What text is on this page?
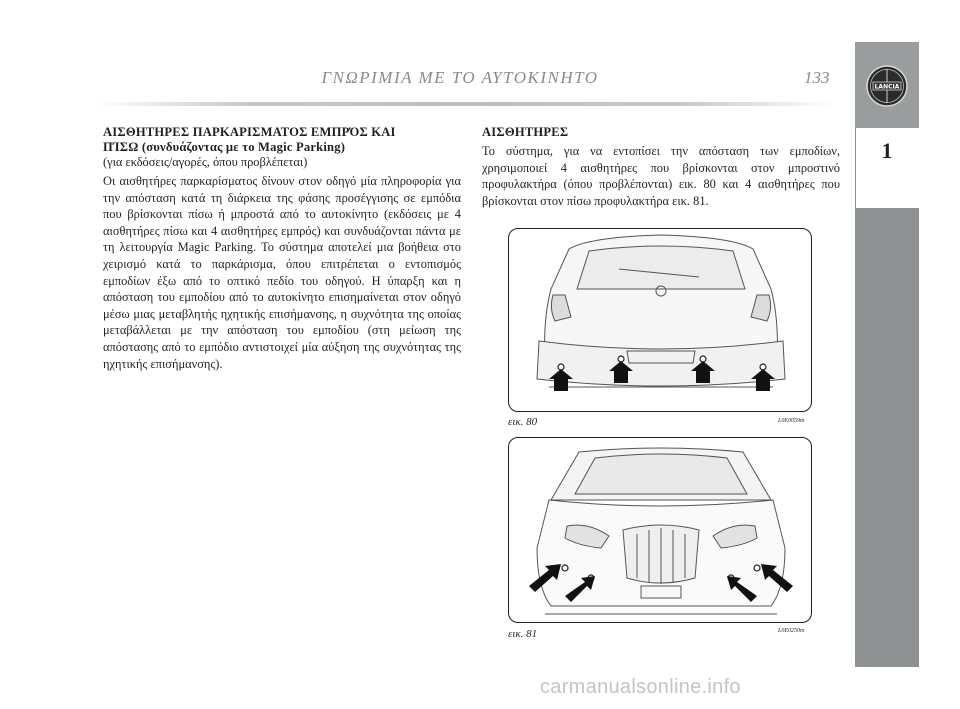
ΓΝΩΡΙΜΙΑ ΜΕ ΤΟ ΑΥΤΟΚΙΝΗΤΟ	133	LANCIA
1
ΑΙΣΘΗΤΗΡΕΣ ΠΑΡΚΑΡΙΣΜΑΤΟΣ ΕΜΠΡΌΣ ΚΑΙ
ΠΊΣΩ (συνδυάζοντας με το Magic Parking)
(για εκδόσεις/αγορές, όπου προβλέπεται)

Οι αισθητήρες παρκαρίσματος δίνουν στον οδηγό μία πληροφορία για την απόσταση κατά τη διάρκεια της φάσης προσέγγισης σε εμπόδια που βρίσκονται πίσω ή μπροστά από το αυτοκίνητο (εκδόσεις με 4 αισθητήρες πίσω και 4 αισθητήρες εμπρός) και συνδυάζονται πάντα με τη λειτουργία Magic Parking. Το σύστημα αποτελεί μια βοήθεια στο χειρισμό κατά το παρκάρισμα, όπου επιτρέπεται ο εντοπισμός εμποδίων έξω από το οπτικό πεδίο του οδηγού. Η ύπαρξη και η απόσταση του εμποδίου από το αυτοκίνητο επισημαίνεται στον οδηγό μέσω μιας μεταβλητής ηχητικής επισήμανσης, η συχνότητα της οποίας μεταβάλλεται με την απόσταση του εμποδίου (στη μείωση της απόστασης από το εμπόδιο αντιστοιχεί μία αύξηση της συχνότητας της ηχητικής επισήμανσης).

ΑΙΣΘΗΤΗΡΕΣ

Το σύστημα, για να εντοπίσει την απόσταση των εμποδίων, χρησιμοποιεί 4 αισθητήρες που βρίσκονται στον μπροστινό προφυλακτήρα (όπου προβλέπονται) εικ. 80 και 4 αισθητήρες που βρίσκονται στον πίσω προφυλακτήρα εικ. 81.

εικ. 80	L0E0059m
εικ. 81	L0E0250m
carmanualsonline.info
